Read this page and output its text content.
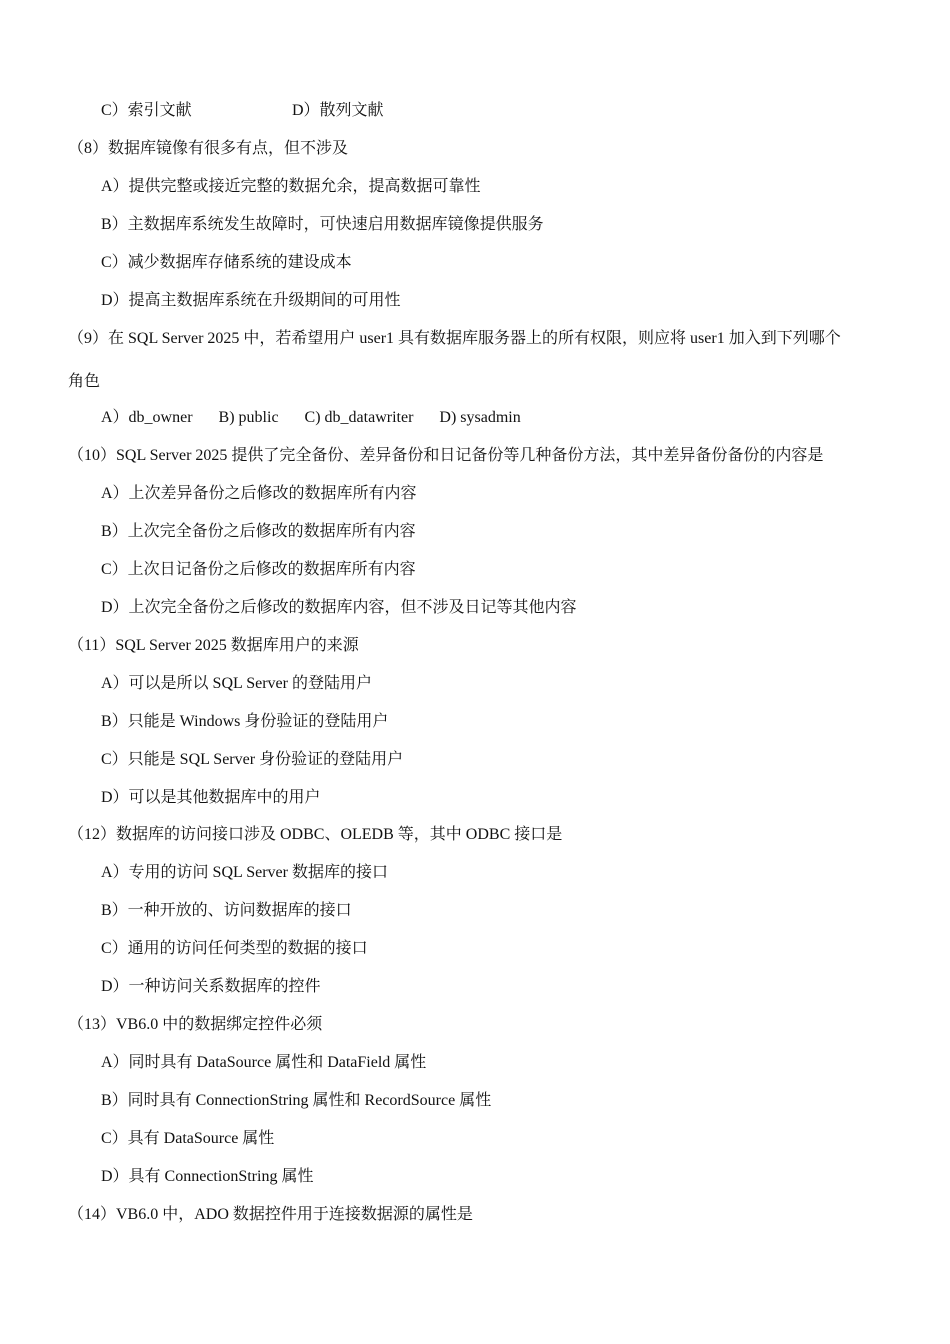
C）索引文献	D）散列文献
（8）数据库镜像有很多有点，但不涉及
A）提供完整或接近完整的数据允余，提高数据可靠性
B）主数据库系统发生故障时，可快速启用数据库镜像提供服务
C）减少数据库存储系统的建设成本
D）提高主数据库系统在升级期间的可用性
（9）在 SQL Server 2025 中，若希望用户 user1 具有数据库服务器上的所有权限，则应将 user1 加入到下列哪个
角色
A）db_owner B) public C) db_datawriter D) sysadmin
（10）SQL Server 2025 提供了完全备份、差异备份和日记备份等几种备份方法，其中差异备份备份的内容是
A）上次差异备份之后修改的数据库所有内容
B）上次完全备份之后修改的数据库所有内容
C）上次日记备份之后修改的数据库所有内容
D）上次完全备份之后修改的数据库内容，但不涉及日记等其他内容
（11）SQL Server 2025 数据库用户的来源
A）可以是所以 SQL Server 的登陆用户
B）只能是 Windows 身份验证的登陆用户
C）只能是 SQL Server 身份验证的登陆用户
D）可以是其他数据库中的用户
（12）数据库的访问接口涉及 ODBC、OLEDB 等，其中 ODBC 接口是
A）专用的访问 SQL Server 数据库的接口
B）一种开放的、访问数据库的接口
C）通用的访问任何类型的数据的接口
D）一种访问关系数据库的控件
（13）VB6.0 中的数据绑定控件必须
A）同时具有 DataSource 属性和 DataField 属性
B）同时具有 ConnectionString 属性和 RecordSource 属性
C）具有 DataSource 属性
D）具有 ConnectionString 属性
（14）VB6.0 中，ADO 数据控件用于连接数据源的属性是
